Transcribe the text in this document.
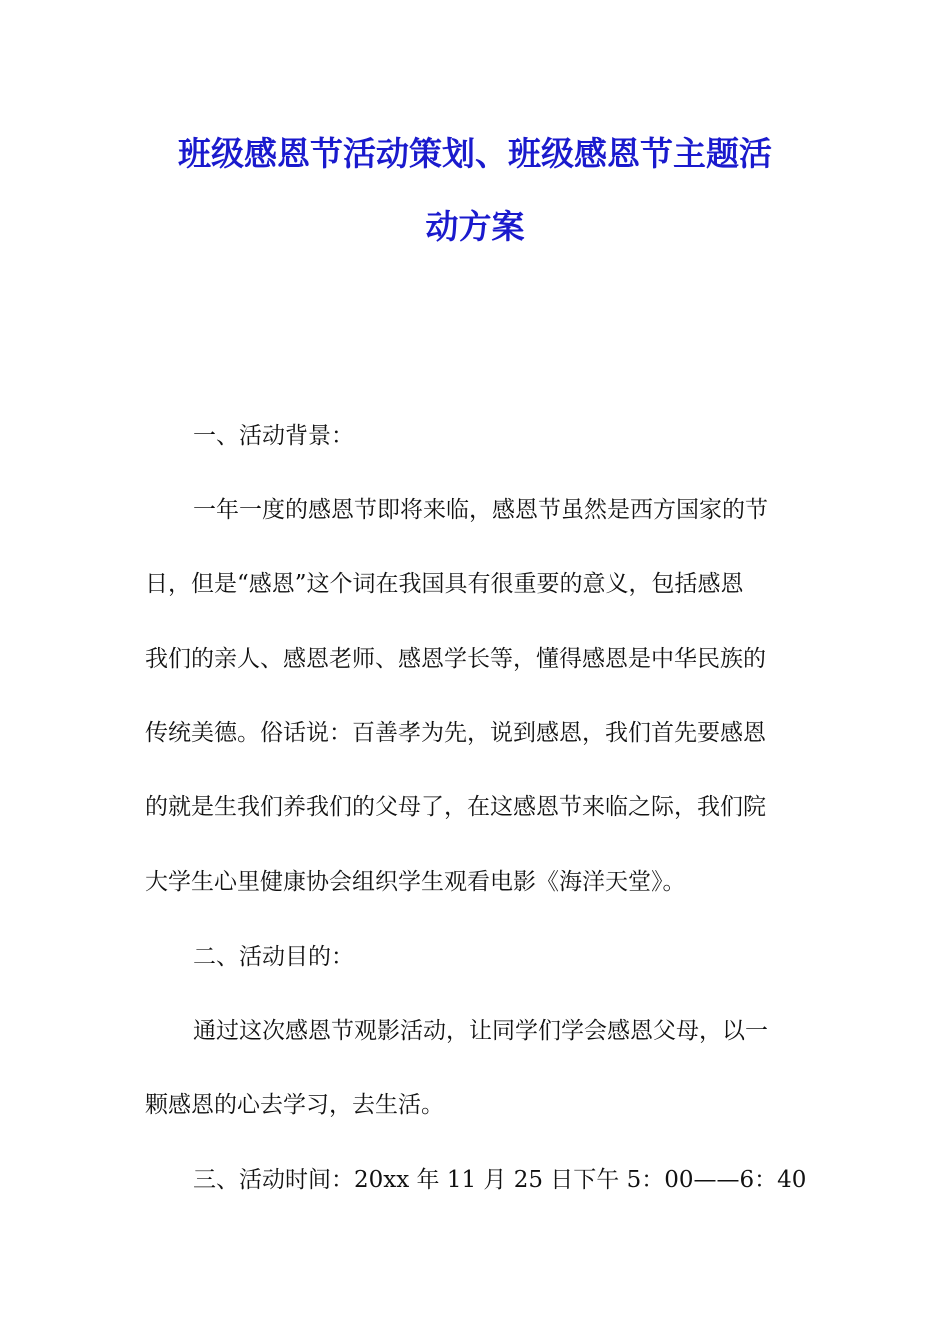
班级感恩节活动策划、班级感恩节主题活
动方案
一、活动背景：
一年一度的感恩节即将来临，感恩节虽然是西方国家的节
日，但是“感恩”这个词在我国具有很重要的意义，包括感恩
我们的亲人、感恩老师、感恩学长等，懂得感恩是中华民族的
传统美德。俗话说：百善孝为先，说到感恩，我们首先要感恩
的就是生我们养我们的父母了，在这感恩节来临之际，我们院
大学生心里健康协会组织学生观看电影《海洋天堂》。
二、活动目的：
通过这次感恩节观影活动，让同学们学会感恩父母，以一
颗感恩的心去学习，去生活。
三、活动时间：20xx 年 11 月 25 日下午 5：00——6：40
